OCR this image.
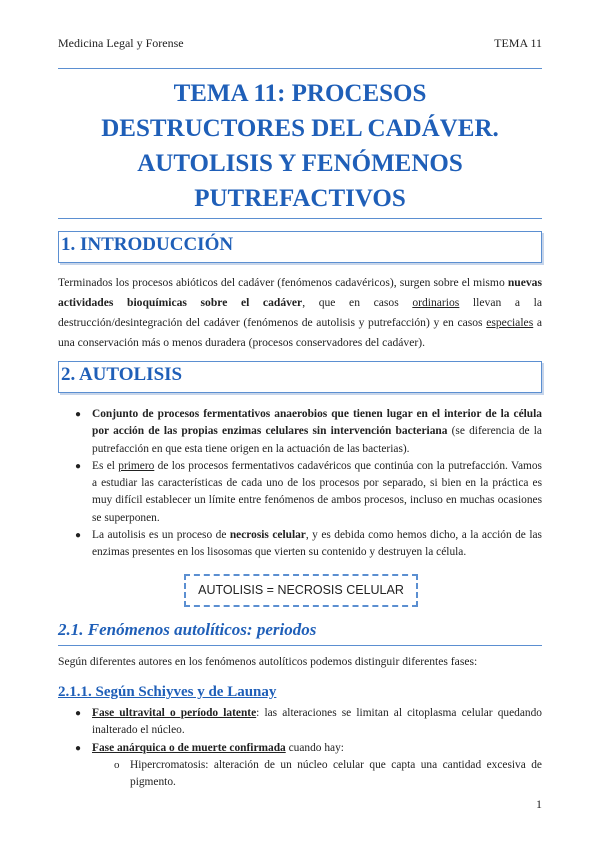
Medicina Legal y Forense	TEMA 11
TEMA 11: PROCESOS
DESTRUCTORES DEL CADÁVER.
AUTOLISIS Y FENÓMENOS
PUTREFACTIVOS
1. INTRODUCCIÓN
Terminados los procesos abióticos del cadáver (fenómenos cadavéricos), surgen sobre el mismo nuevas actividades bioquímicas sobre el cadáver, que en casos ordinarios llevan a la destrucción/desintegración del cadáver (fenómenos de autolisis y putrefacción) y en casos especiales a una conservación más o menos duradera (procesos conservadores del cadáver).
2. AUTOLISIS
● Conjunto de procesos fermentativos anaerobios que tienen lugar en el interior de la célula por acción de las propias enzimas celulares sin intervención bacteriana (se diferencia de la putrefacción en que esta tiene origen en la actuación de las bacterias).
● Es el primero de los procesos fermentativos cadavéricos que continúa con la putrefacción. Vamos a estudiar las características de cada uno de los procesos por separado, si bien en la práctica es muy difícil establecer un límite entre fenómenos de ambos procesos, incluso en muchas ocasiones se superponen.
● La autolisis es un proceso de necrosis celular, y es debida como hemos dicho, a la acción de las enzimas presentes en los lisosomas que vierten su contenido y destruyen la célula.
AUTOLISIS = NECROSIS CELULAR
2.1. Fenómenos autolíticos: periodos
Según diferentes autores en los fenómenos autolíticos podemos distinguir diferentes fases:
2.1.1. Según Schiyves y de Launay
● Fase ultravital o período latente: las alteraciones se limitan al citoplasma celular quedando inalterado el núcleo.
● Fase anárquica o de muerte confirmada cuando hay:
o Hipercromatosis: alteración de un núcleo celular que capta una cantidad excesiva de pigmento.
1
